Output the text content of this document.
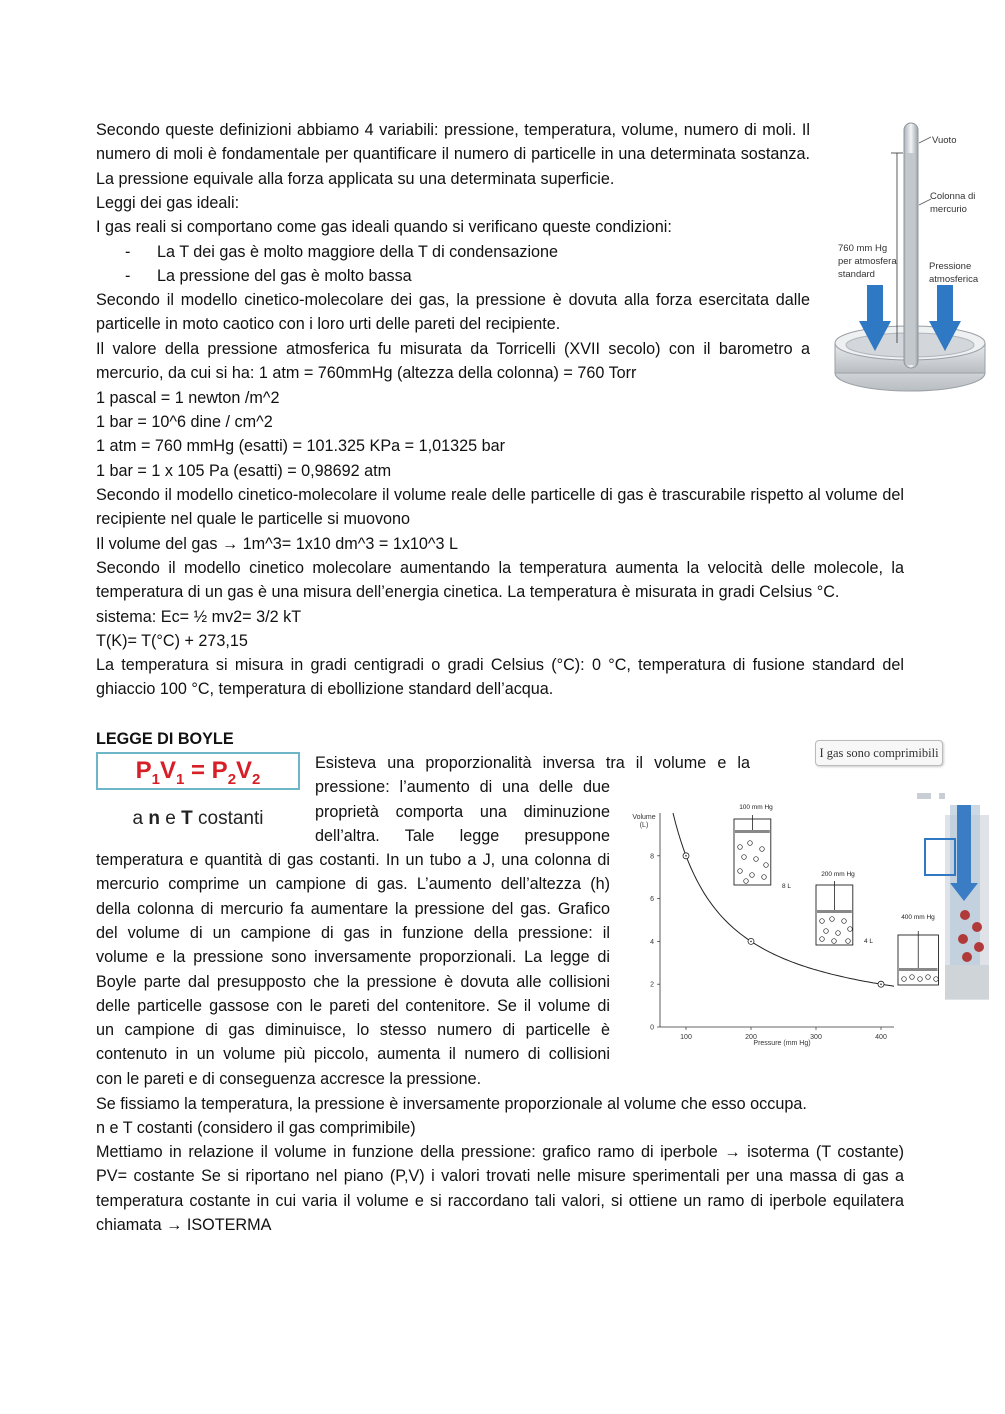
Secondo queste definizioni abbiamo 4 variabili: pressione, temperatura, volume, numero di moli. Il numero di moli è fondamentale per quantificare il numero di particelle in una determinata sostanza. La pressione equivale alla forza applicata su una determinata superficie.

Leggi dei gas ideali:
I gas reali si comportano come gas ideali quando si verificano queste condizioni:
- La T dei gas è molto maggiore della T di condensazione
- La pressione del gas è molto bassa

Secondo il modello cinetico-molecolare dei gas, la pressione è dovuta alla forza esercitata dalle particelle in moto caotico con i loro urti delle pareti del recipiente.

Il valore della pressione atmosferica fu misurata da Torricelli (XVII secolo) con il barometro a mercurio, da cui si ha: 1 atm = 760mmHg (altezza della colonna) = 760 Torr

1 pascal = 1 newton /m^2
1 bar = 10^6 dine / cm^2
1 atm = 760 mmHg (esatti) = 101.325 KPa = 1,01325 bar
1 bar = 1 x 105 Pa (esatti) = 0,98692 atm

Secondo il modello cinetico-molecolare il volume reale delle particelle di gas è trascurabile rispetto al volume del recipiente nel quale le particelle si muovono

Il volume del gas → 1m^3= 1x10 dm^3 = 1x10^3 L

Secondo il modello cinetico molecolare aumentando la temperatura aumenta la velocità delle molecole, la temperatura di un gas è una misura dell’energia cinetica. La temperatura è misurata in gradi Celsius °C.

sistema: Ec= ½ mv2= 3/2 kT
T(K)= T(°C) + 273,15

La temperatura si misura in gradi centigradi o gradi Celsius (°C): 0 °C, temperatura di fusione standard del ghiaccio 100 °C, temperatura di ebollizione standard dell’acqua.

Vuoto
Colonna di
mercurio
760 mm Hg
per atmosfera
standard
Pressione
atmosferica
LEGGE DI BOYLE
$P_1V_1 = P_2V_2$
a n e T costanti
Esisteva una proporzionalità inversa tra il volume e la
pressione: l’aumento di una delle due
proprietà comporta una diminuzione
dell’altra. Tale legge presuppone
temperatura e quantità di gas costanti. In un tubo a J, una colonna di
mercurio comprime un campione di gas. L’aumento dell’altezza (h)
della colonna di mercurio fa aumentare la pressione del gas. Grafico
del volume di un campione di gas in funzione della pressione: il
volume e la pressione sono inversamente proporzionali. La legge di
Boyle parte dal presupposto che la pressione è dovuta alle collisioni
delle particelle gassose con le pareti del contenitore. Se il volume di
un campione di gas diminuisce, lo stesso numero di particelle è
contenuto in un volume più piccolo, aumenta il numero di collisioni
con le pareti e di conseguenza accresce la pressione.
Se fissiamo la temperatura, la pressione è inversamente proporzionale al volume che esso occupa.
n e T costanti (considero il gas comprimibile)

Mettiamo in relazione il volume in funzione della pressione: grafico ramo di iperbole → isoterma (T costante) PV= costante Se si riportano nel piano (P,V) i valori trovati nelle misure sperimentali per una massa di gas a temperatura costante in cui varia il volume e si raccordano tali valori, si ottiene un ramo di iperbole equilatera chiamata → ISOTERMA

I gas sono comprimibili
100	200	300	400
0
2
4
6
8
100 mm Hg
8 L
200 mm Hg
4 L
400 mm Hg
Volume (L)
Pressure (mm Hg)
